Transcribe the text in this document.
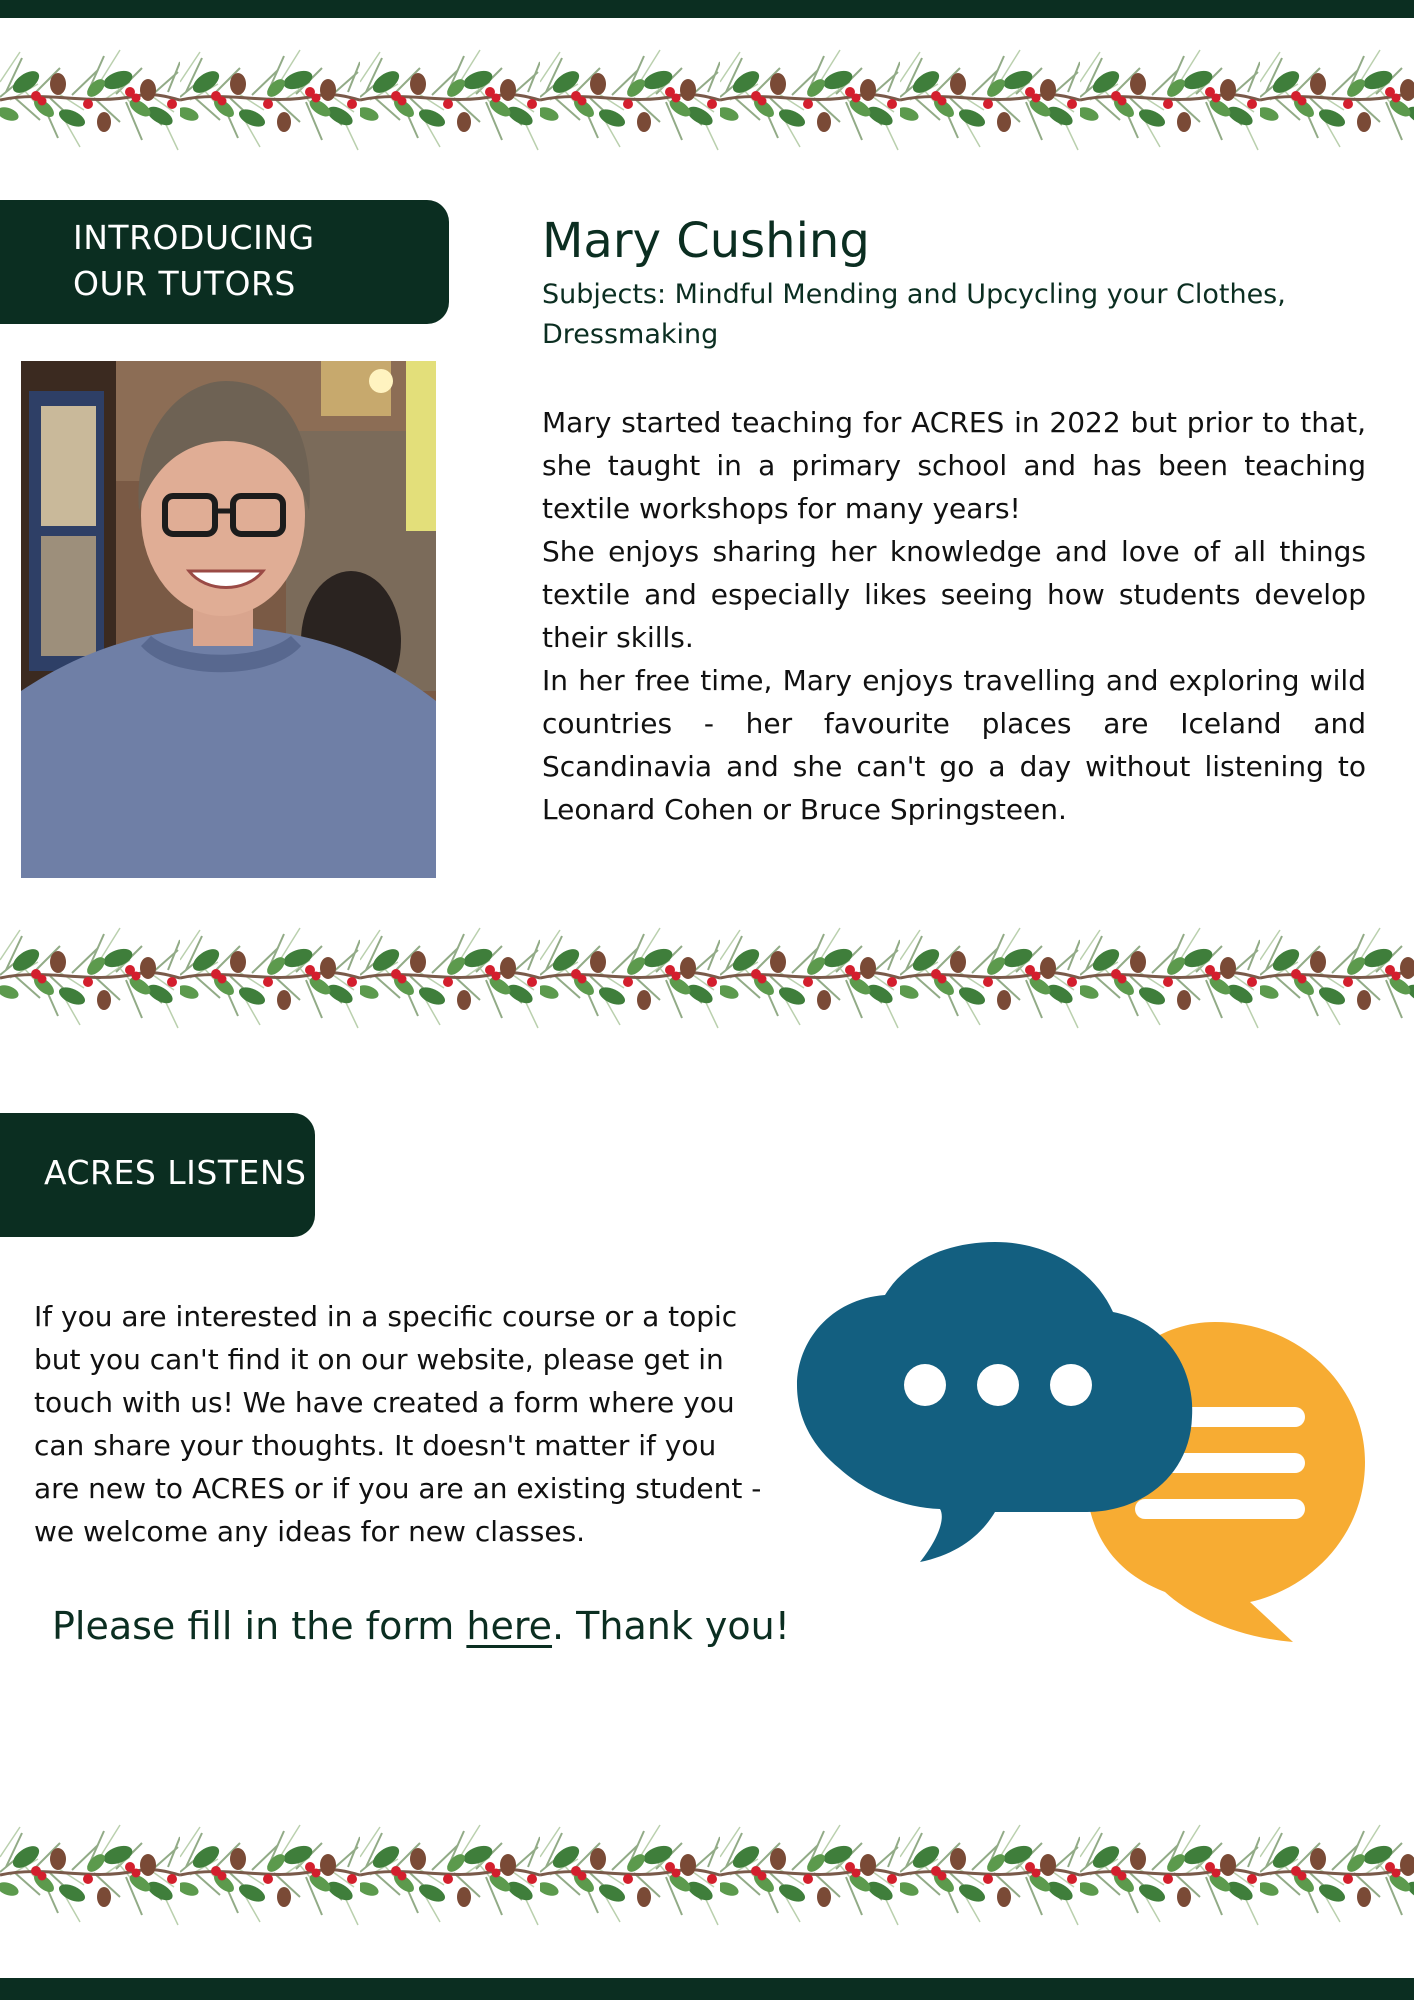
INTRODUCING
OUR TUTORS
Mary Cushing
Subjects: Mindful Mending and Upcycling your Clothes, Dressmaking

Mary started teaching for ACRES in 2022 but prior to that, she taught in a primary school and has been teaching textile workshops for many years!

She enjoys sharing her knowledge and love of all things textile and especially likes seeing how students develop their skills.

In her free time, Mary enjoys travelling and exploring wild countries - her favourite places are Iceland and Scandinavia and she can't go a day without listening to Leonard Cohen or Bruce Springsteen.

ACRES LISTENS
If you are interested in a specific course or a topic but you can't find it on our website, please get in touch with us! We have created a form where you can share your thoughts. It doesn't matter if you are new to ACRES or if you are an existing student - we welcome any ideas for new classes.
Please fill in the form here. Thank you!
